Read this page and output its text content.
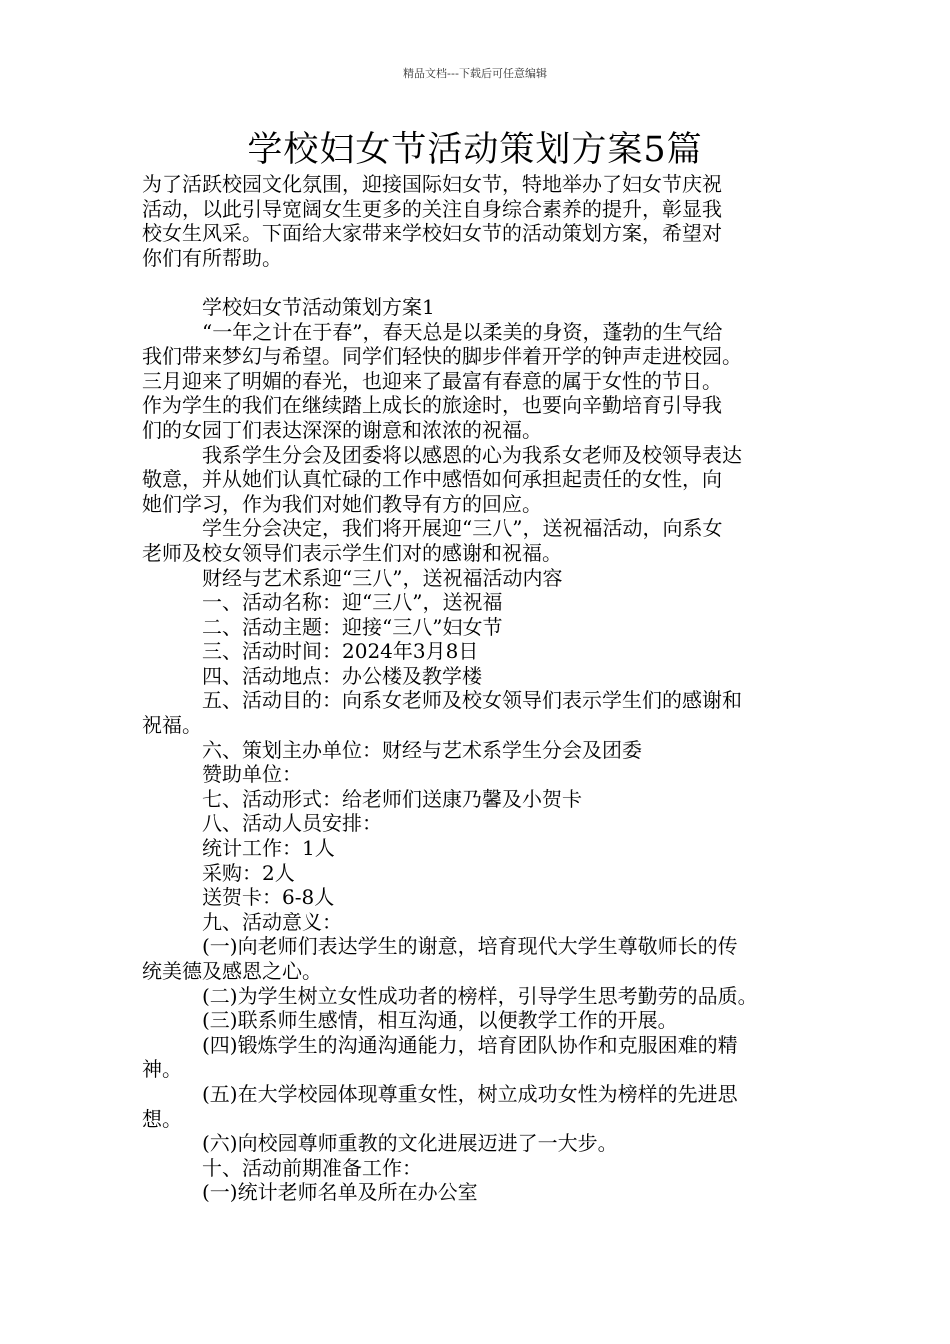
精品文档---下载后可任意编辑
学校妇女节活动策划方案5篇

为了活跃校园文化氛围，迎接国际妇女节，特地举办了妇女节庆祝

活动，以此引导宽阔女生更多的关注自身综合素养的提升，彰显我

校女生风采。下面给大家带来学校妇女节的活动策划方案，希望对

你们有所帮助。

学校妇女节活动策划方案1

“一年之计在于春”，春天总是以柔美的身资，蓬勃的生气给

我们带来梦幻与希望。同学们轻快的脚步伴着开学的钟声走进校园。

三月迎来了明媚的春光，也迎来了最富有春意的属于女性的节日。

作为学生的我们在继续踏上成长的旅途时，也要向辛勤培育引导我

们的女园丁们表达深深的谢意和浓浓的祝福。

我系学生分会及团委将以感恩的心为我系女老师及校领导表达

敬意，并从她们认真忙碌的工作中感悟如何承担起责任的女性，向

她们学习，作为我们对她们教导有方的回应。

学生分会决定，我们将开展迎“三八”，送祝福活动，向系女

老师及校女领导们表示学生们对的感谢和祝福。

财经与艺术系迎“三八”，送祝福活动内容

一、活动名称：迎“三八”，送祝福

二、活动主题：迎接“三八”妇女节

三、活动时间：2024年3月8日

四、活动地点：办公楼及教学楼

五、活动目的：向系女老师及校女领导们表示学生们的感谢和

祝福。

六、策划主办单位：财经与艺术系学生分会及团委

赞助单位：

七、活动形式：给老师们送康乃馨及小贺卡

八、活动人员安排：

统计工作：1人

采购：2人

送贺卡：6-8人

九、活动意义：

(一)向老师们表达学生的谢意，培育现代大学生尊敬师长的传

统美德及感恩之心。

(二)为学生树立女性成功者的榜样，引导学生思考勤劳的品质。

(三)联系师生感情，相互沟通，以便教学工作的开展。

(四)锻炼学生的沟通沟通能力，培育团队协作和克服困难的精

神。

(五)在大学校园体现尊重女性，树立成功女性为榜样的先进思

想。

(六)向校园尊师重教的文化进展迈进了一大步。

十、活动前期准备工作：

(一)统计老师名单及所在办公室
